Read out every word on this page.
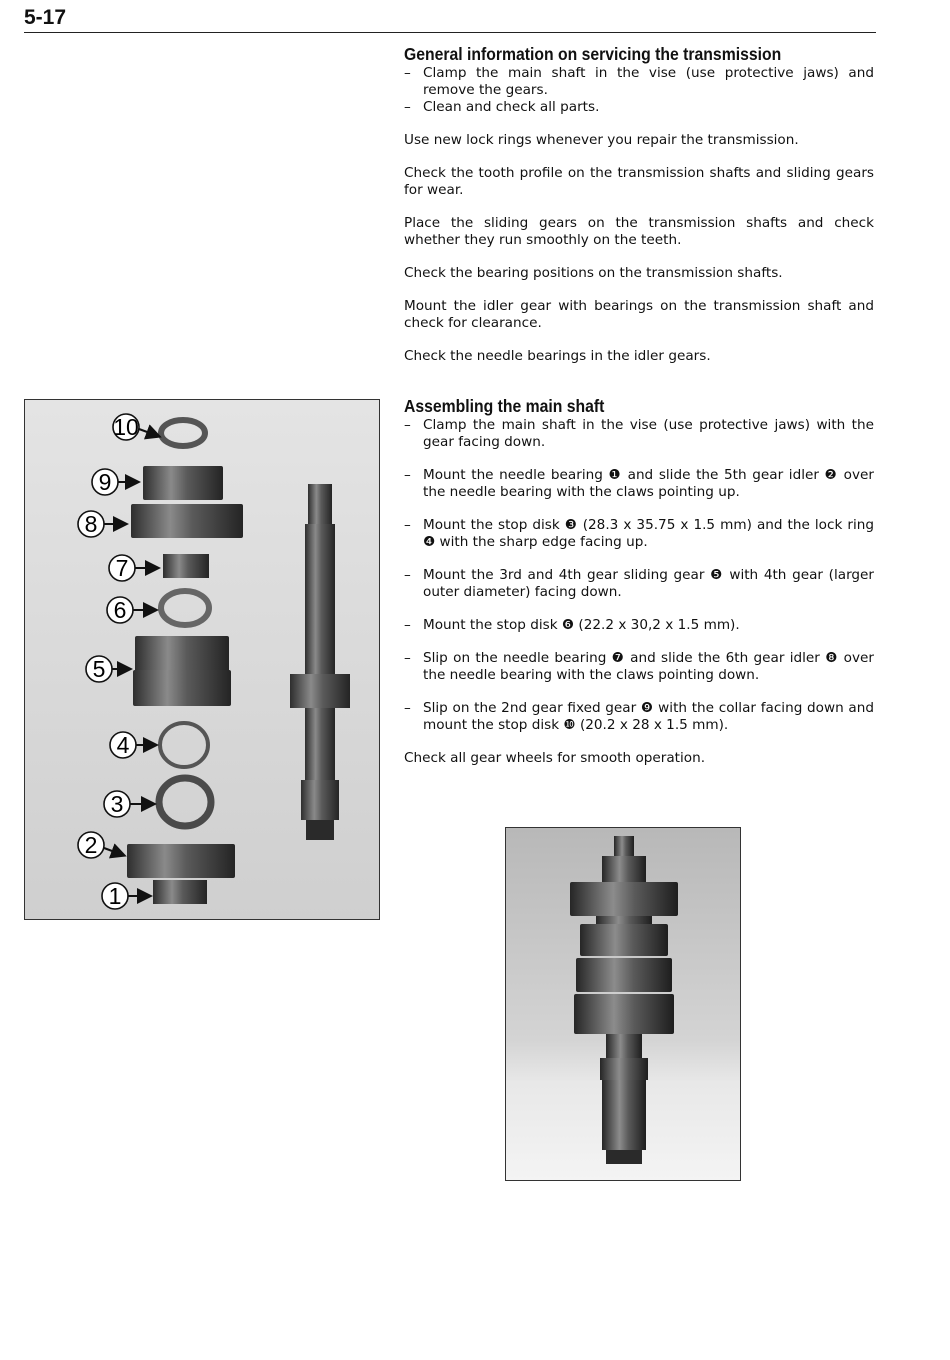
5-17
General information on servicing the transmission
– Clamp the main shaft in the vise (use protective jaws) and remove the gears.
– Clean and check all parts.

Use new lock rings whenever you repair the transmission.

Check the tooth profile on the transmission shafts and sliding gears for wear.

Place the sliding gears on the transmission shafts and check whether they run smoothly on the teeth.

Check the bearing positions on the transmission shafts.

Mount the idler gear with bearings on the transmission shaft and check for clearance.

Check the needle bearings in the idler gears.

Assembling the main shaft
– Clamp the main shaft in the vise (use protective jaws) with the gear facing down.
– Mount the needle bearing ❶ and slide the 5th gear idler ❷ over the needle bearing with the claws pointing up.
– Mount the stop disk ❸ (28.3 x 35.75 x 1.5 mm) and the lock ring ❹ with the sharp edge facing up.
– Mount the 3rd and 4th gear sliding gear ❺ with 4th gear (larger outer diameter) facing down.
– Mount the stop disk ❻ (22.2 x 30,2 x 1.5 mm).
– Slip on the needle bearing ❼ and slide the 6th gear idler ❽ over the needle bearing with the claws pointing down.
– Slip on the 2nd gear fixed gear ❾ with the collar facing down and mount the stop disk ❿ (20.2 x 28 x 1.5 mm).

Check all gear wheels for smooth operation.

10
9
8
7
6
5
4
3
2
1
